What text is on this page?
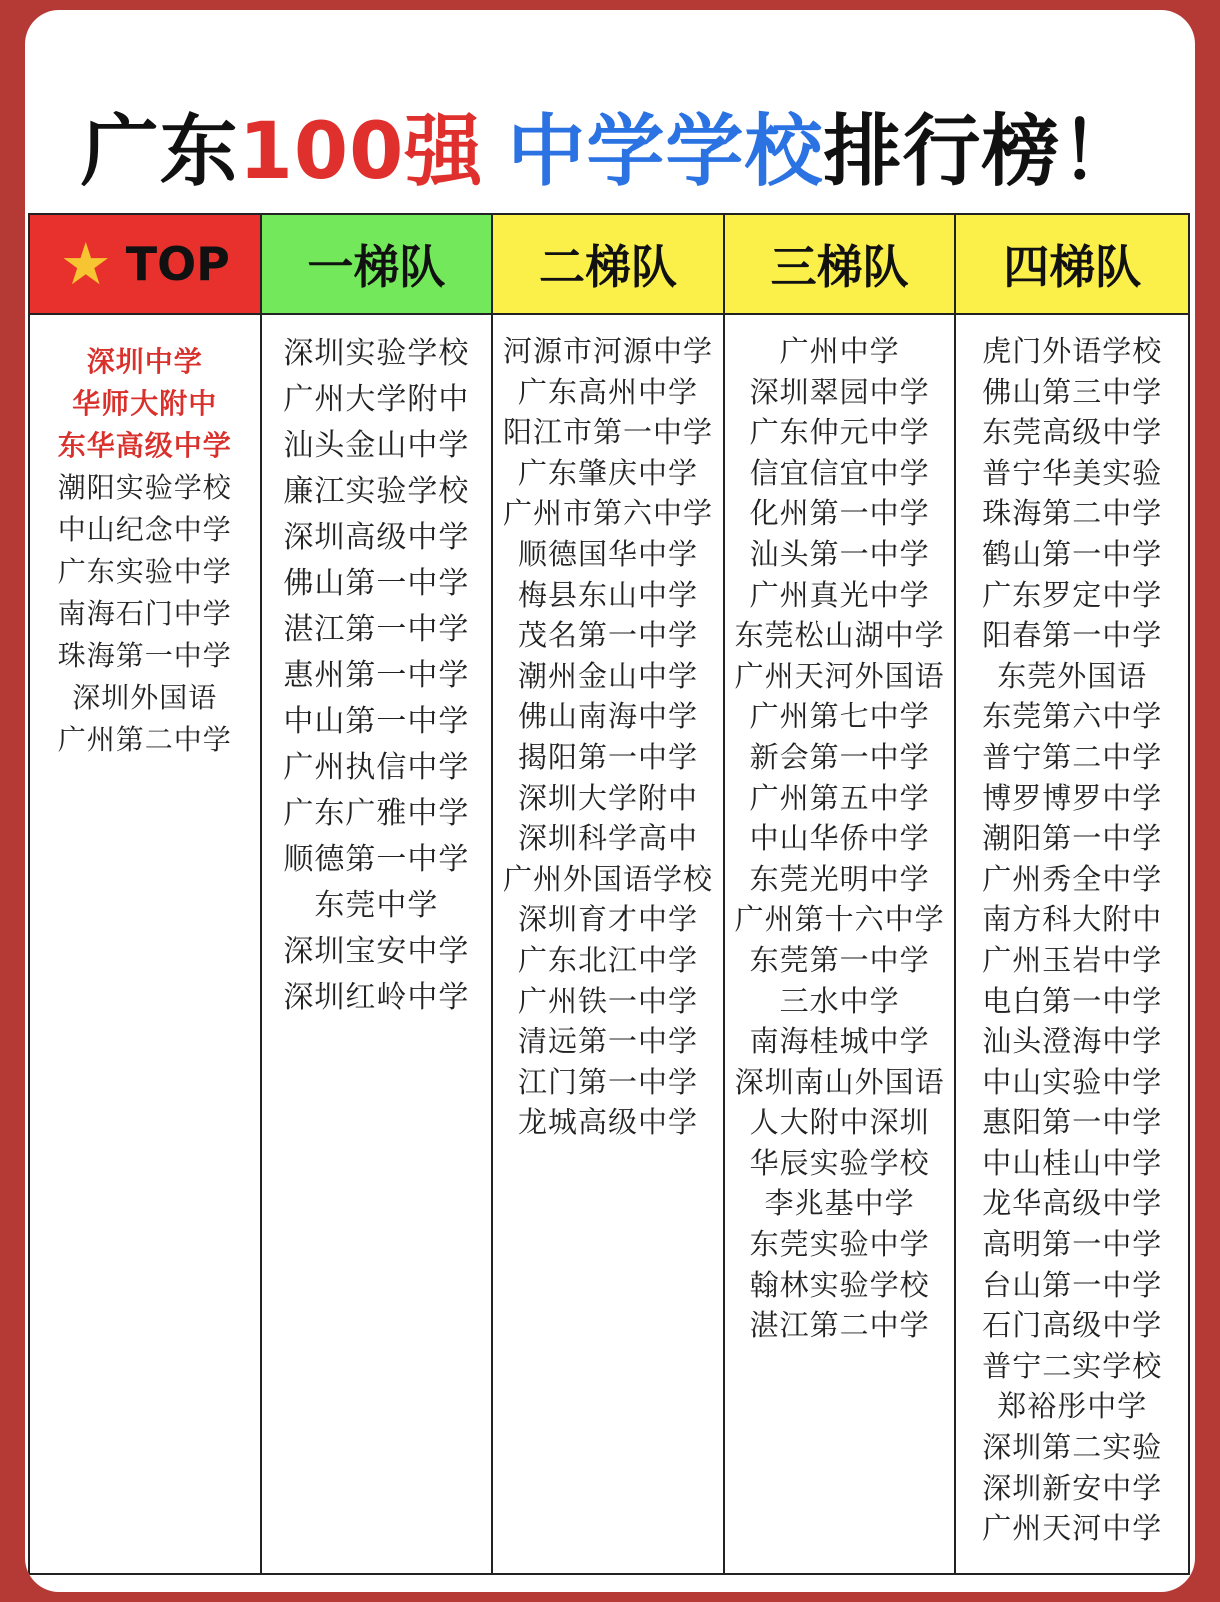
广东 100强 中学学校 排行榜！
★ TOP 一梯队 二梯队 三梯队 四梯队
深圳中学
华师大附中
东华高级中学
潮阳实验学校
中山纪念中学
广东实验中学
南海石门中学
珠海第一中学
深圳外国语
广州第二中学
深圳实验学校
广州大学附中
汕头金山中学
廉江实验学校
深圳高级中学
佛山第一中学
湛江第一中学
惠州第一中学
中山第一中学
广州执信中学
广东广雅中学
顺德第一中学
东莞中学
深圳宝安中学
深圳红岭中学
河源市河源中学
广东高州中学
阳江市第一中学
广东肇庆中学
广州市第六中学
顺德国华中学
梅县东山中学
茂名第一中学
潮州金山中学
佛山南海中学
揭阳第一中学
深圳大学附中
深圳科学高中
广州外国语学校
深圳育才中学
广东北江中学
广州铁一中学
清远第一中学
江门第一中学
龙城高级中学
广州中学
深圳翠园中学
广东仲元中学
信宜信宜中学
化州第一中学
汕头第一中学
广州真光中学
东莞松山湖中学
广州天河外国语
广州第七中学
新会第一中学
广州第五中学
中山华侨中学
东莞光明中学
广州第十六中学
东莞第一中学
三水中学
南海桂城中学
深圳南山外国语
人大附中深圳
华辰实验学校
李兆基中学
东莞实验中学
翰林实验学校
湛江第二中学
虎门外语学校
佛山第三中学
东莞高级中学
普宁华美实验
珠海第二中学
鹤山第一中学
广东罗定中学
阳春第一中学
东莞外国语
东莞第六中学
普宁第二中学
博罗博罗中学
潮阳第一中学
广州秀全中学
南方科大附中
广州玉岩中学
电白第一中学
汕头澄海中学
中山实验中学
惠阳第一中学
中山桂山中学
龙华高级中学
高明第一中学
台山第一中学
石门高级中学
普宁二实学校
郑裕彤中学
深圳第二实验
深圳新安中学
广州天河中学
